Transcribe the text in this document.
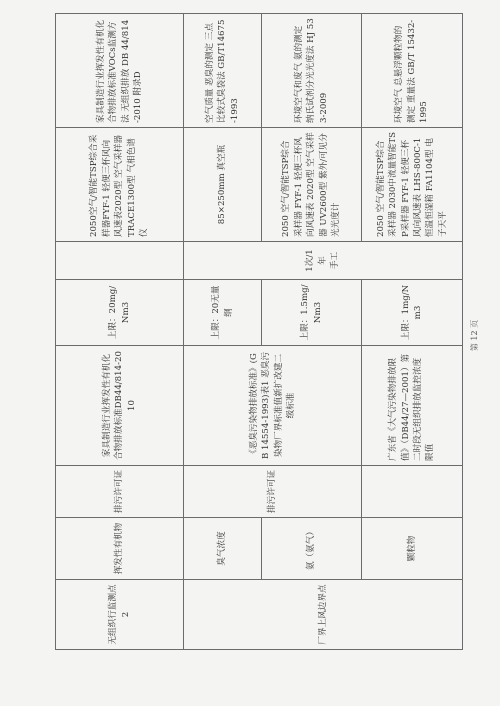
无组织行监测点2	挥发性有机物	排污许可证	家具制造行业挥发性有机化合物排放标准DB44/814-2010	上限：20mg/Nm3		2050空气/智能TSP综合采样器FYF-1 轻便三杯风向风速表2020型 空气采样器TRACE1300型 气相色谱仪	家具制造行业挥发性有机化合物排放标准VOCs监测方法 无组织排放 DB 44/814-2010 附录D
厂界上风边界点	臭气浓度	排污许可证	《恶臭污染物排放标准》(GB 14554-1993)表1 恶臭污染物厂界标准值新扩改建二级标准	上限：20无量纲	1次/1年 手工	85×250mm 真空瓶	空气质量 恶臭的测定 三点比较式臭袋法 GB/T14675-1993
	氨（氨气）			上限：1.5mg/Nm3		2050 空气/智能TSP综合采样器 FYF-1 轻便三杯风向风速表 2020型 空气采样器 UV2600型 紫外/可见分光光度计	环境空气和废气 氨的测定 纳氏试剂分光光度法 HJ 533-2009
	颗粒物		广东省《大气污染物排放限值》（DB44/27—2001）第二时段无组织排放监控浓度限值	上限：1mg/Nm3		2050 空气/智能TSP综合采样器 2030中流量智能TSP采样器 FYF-1 轻便三杯风向风速表 LHS-800C-1 恒温恒湿箱 FA1104型 电子天平	环境空气 总悬浮颗粒物的测定 重量法 GB/T 15432-1995
第 12 页
